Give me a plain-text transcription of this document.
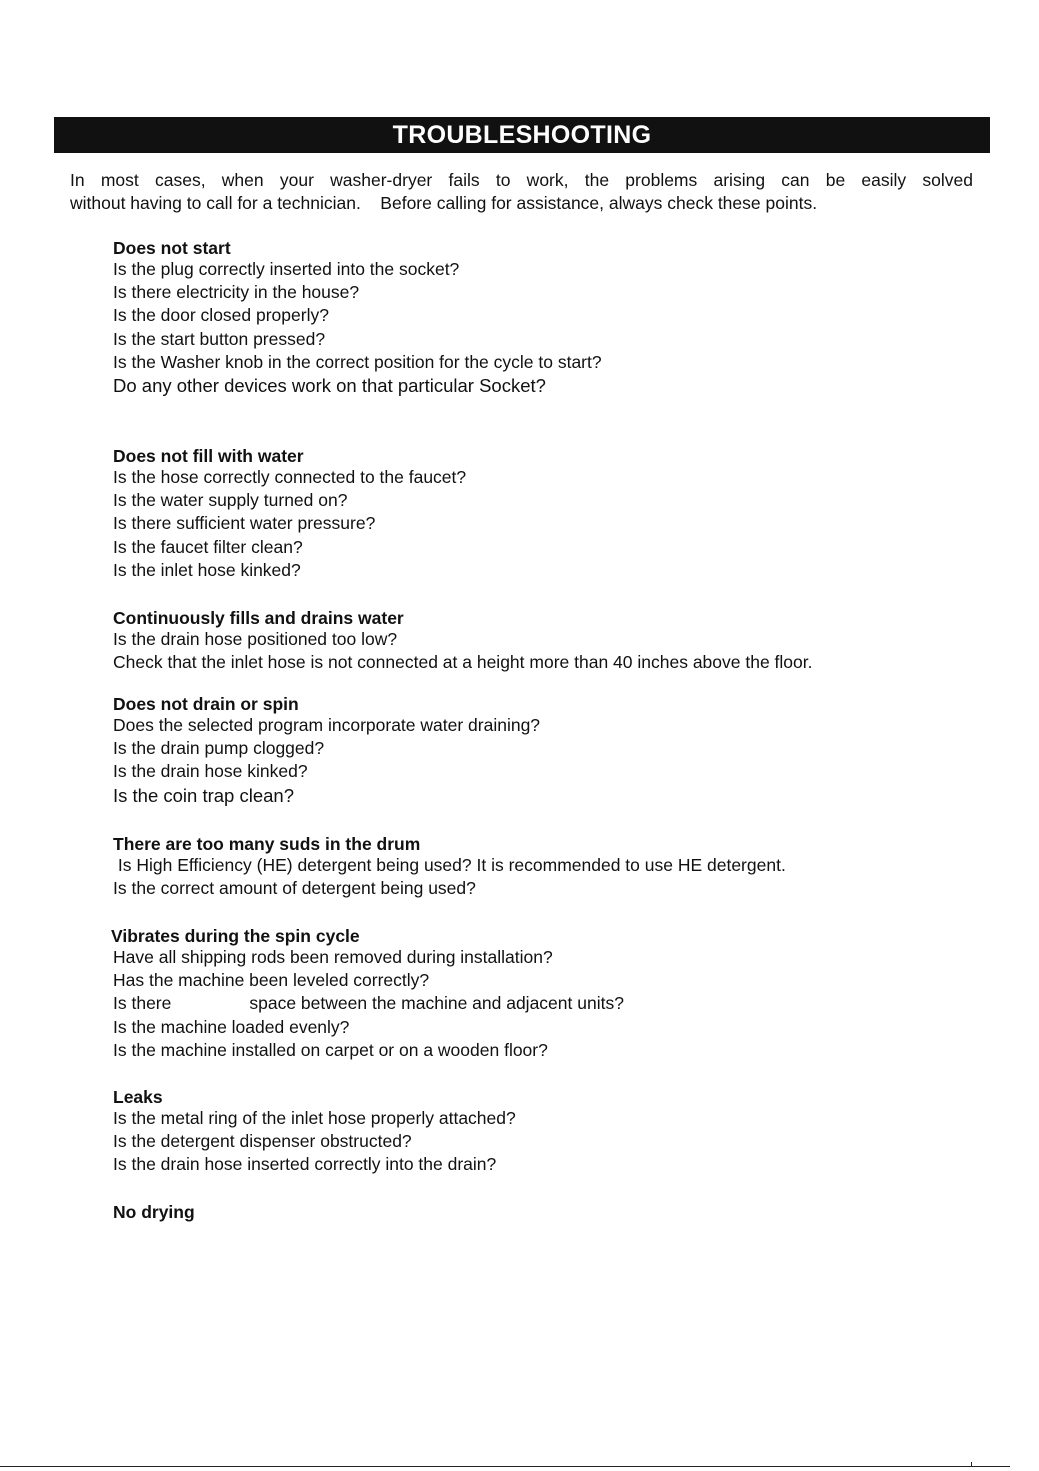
TROUBLESHOOTING
In most cases, when your washer-dryer fails to work, the problems arising can be easily solved
without having to call for a technician.    Before calling for assistance, always check these points.
Does not start
Is the plug correctly inserted into the socket?
Is there electricity in the house?
Is the door closed properly?
Is the start button pressed?
Is the Washer knob in the correct position for the cycle to start?
Do any other devices work on that particular Socket?
Does not fill with water
Is the hose correctly connected to the faucet?
Is the water supply turned on?
Is there sufficient water pressure?
Is the faucet filter clean?
Is the inlet hose kinked?
Continuously fills and drains water
Is the drain hose positioned too low?
Check that the inlet hose is not connected at a height more than 40 inches above the floor.
Does not drain or spin
Does the selected program incorporate water draining?
Is the drain pump clogged?
Is the drain hose kinked?
Is the coin trap clean?
There are too many suds in the drum
Is High Efficiency (HE) detergent being used? It is recommended to use HE detergent.
Is the correct amount of detergent being used?
Vibrates during the spin cycle
Have all shipping rods been removed during installation?
Has the machine been leveled correctly?
Is there	space between the machine and adjacent units?
Is the machine loaded evenly?
Is the machine installed on carpet or on a wooden floor?
Leaks
Is the metal ring of the inlet hose properly attached?
Is the detergent dispenser obstructed?
Is the drain hose inserted correctly into the drain?
No drying
